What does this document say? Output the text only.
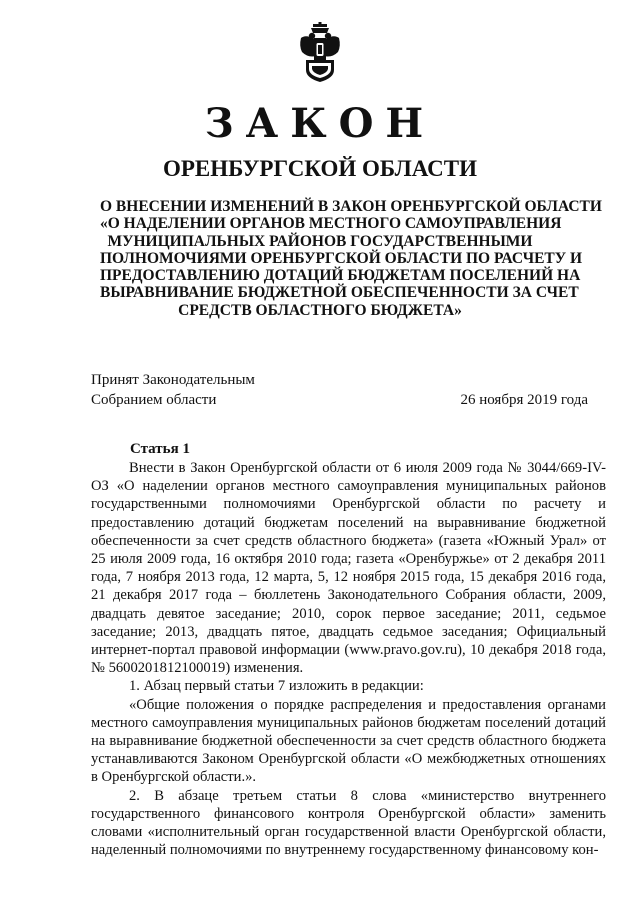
ЗАКОН
ОРЕНБУРГСКОЙ ОБЛАСТИ
О ВНЕСЕНИИ ИЗМЕНЕНИЙ В ЗАКОН ОРЕНБУРГСКОЙ ОБЛАСТИ
«О НАДЕЛЕНИИ ОРГАНОВ МЕСТНОГО САМОУПРАВЛЕНИЯ
МУНИЦИПАЛЬНЫХ РАЙОНОВ ГОСУДАРСТВЕННЫМИ
ПОЛНОМОЧИЯМИ ОРЕНБУРГСКОЙ ОБЛАСТИ ПО РАСЧЕТУ И
ПРЕДОСТАВЛЕНИЮ ДОТАЦИЙ БЮДЖЕТАМ ПОСЕЛЕНИЙ НА
ВЫРАВНИВАНИЕ БЮДЖЕТНОЙ ОБЕСПЕЧЕННОСТИ ЗА СЧЕТ
СРЕДСТВ ОБЛАСТНОГО БЮДЖЕТА»
Принят Законодательным
Собранием области	26 ноября 2019 года
Статья 1

Внести в Закон Оренбургской области от 6 июля 2009 года № 3044/669-IV-ОЗ «О наделении органов местного самоуправления муниципальных районов государственными полномочиями Оренбургской области по расчету и предоставлению дотаций бюджетам поселений на выравнивание бюджетной обеспеченности за счет средств областного бюджета» (газета «Южный Урал» от 25 июля 2009 года, 16 октября 2010 года; газета «Оренбуржье» от 2 декабря 2011 года, 7 ноября 2013 года, 12 марта, 5, 12 ноября 2015 года, 15 декабря 2016 года, 21 декабря 2017 года – бюллетень Законодательного Собрания области, 2009, двадцать девятое заседание; 2010, сорок первое заседание; 2011, седьмое заседание; 2013, двадцать пятое, двадцать седьмое заседания; Официальный интернет-портал правовой информации (www.pravo.gov.ru), 10 декабря 2018 года, № 5600201812100019) изменения.

1. Абзац первый статьи 7 изложить в редакции:

«Общие положения о порядке распределения и предоставления органами местного самоуправления муниципальных районов бюджетам поселений дотаций на выравнивание бюджетной обеспеченности за счет средств областного бюджета устанавливаются Законом Оренбургской области «О межбюджетных отношениях в Оренбургской области.».

2. В абзаце третьем статьи 8 слова «министерство внутреннего государственного финансового контроля Оренбургской области» заменить словами «исполнительный орган государственной власти Оренбургской области, наделенный полномочиями по внутреннему государственному финансовому кон-
